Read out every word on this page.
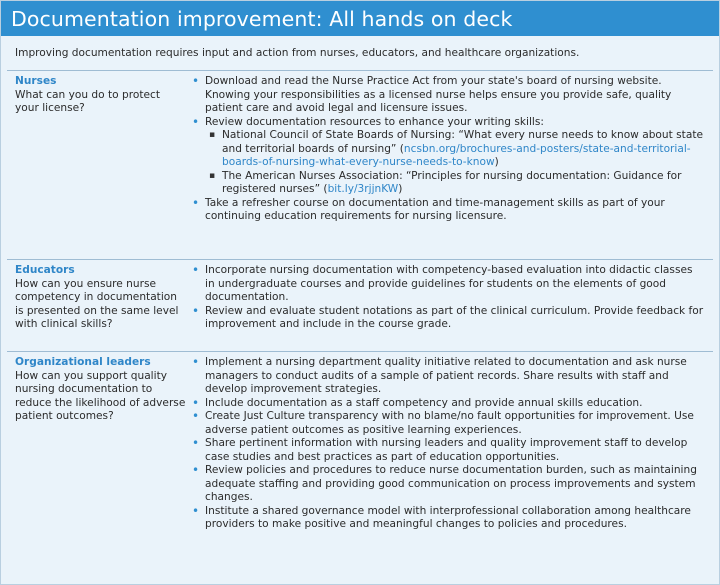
Documentation improvement: All hands on deck
Improving documentation requires input and action from nurses, educators, and healthcare organizations.
Nurses
What can you do to protect your license?
• Download and read the Nurse Practice Act from your state's board of nursing website. Knowing your responsibilities as a licensed nurse helps ensure you provide safe, quality patient care and avoid legal and licensure issues.
• Review documentation resources to enhance your writing skills:
▪ National Council of State Boards of Nursing: “What every nurse needs to know about state and territorial boards of nursing” (ncsbn.org/brochures-and-posters/state-and-territorial-boards-of-nursing-what-every-nurse-needs-to-know)
▪ The American Nurses Association: “Principles for nursing documentation: Guidance for registered nurses” (bit.ly/3rjjnKW)
• Take a refresher course on documentation and time-management skills as part of your continuing education requirements for nursing licensure.
Educators
How can you ensure nurse competency in documentation is presented on the same level with clinical skills?
• Incorporate nursing documentation with competency-based evaluation into didactic classes in undergraduate courses and provide guidelines for students on the elements of good documentation.
• Review and evaluate student notations as part of the clinical curriculum. Provide feedback for improvement and include in the course grade.
Organizational leaders
How can you support quality nursing documentation to reduce the likelihood of adverse patient outcomes?
• Implement a nursing department quality initiative related to documentation and ask nurse managers to conduct audits of a sample of patient records. Share results with staff and develop improvement strategies.
• Include documentation as a staff competency and provide annual skills education.
• Create Just Culture transparency with no blame/no fault opportunities for improvement. Use adverse patient outcomes as positive learning experiences.
• Share pertinent information with nursing leaders and quality improvement staff to develop case studies and best practices as part of education opportunities.
• Review policies and procedures to reduce nurse documentation burden, such as maintaining adequate staffing and providing good communication on process improvements and system changes.
• Institute a shared governance model with interprofessional collaboration among healthcare providers to make positive and meaningful changes to policies and procedures.
